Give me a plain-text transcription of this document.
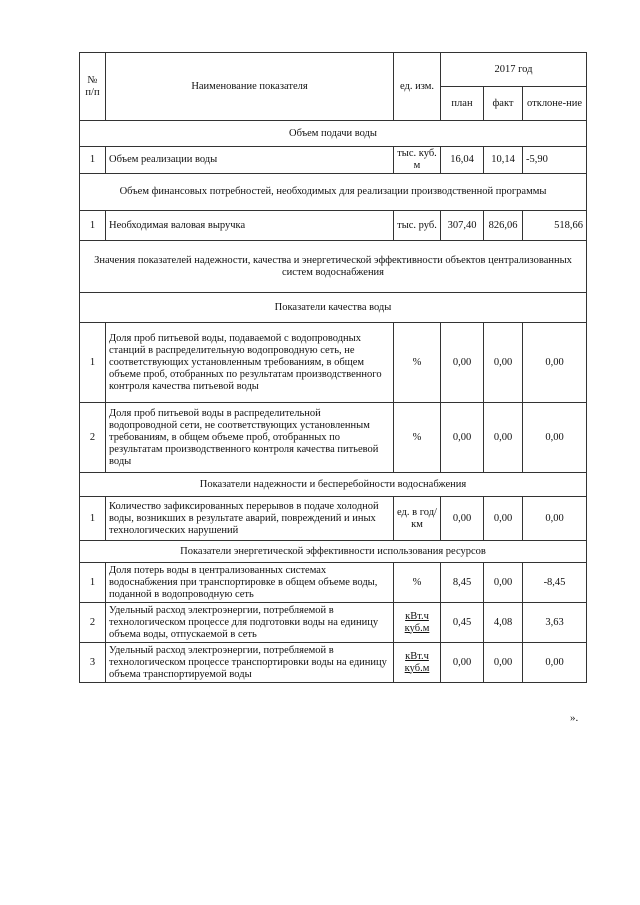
№ п/п	Наименование показателя	ед. изм.	2017 год		
			план	факт	отклоне-ние
Объем подачи воды					
1	Объем реализации воды	тыс. куб. м	16,04	10,14	-5,90
Объем финансовых потребностей, необходимых для реализации производственной программы					
1	Необходимая валовая выручка	тыс. руб.	307,40	826,06	518,66
Значения показателей надежности, качества и энергетической эффективности объектов централизованных систем водоснабжения					
Показатели качества воды					
1	Доля проб питьевой воды, подаваемой с водопроводных станций в распределительную водопроводную сеть, не соответствующих установленным требованиям, в общем объеме проб, отобранных по результатам производственного контроля качества питьевой воды	%	0,00	0,00	0,00
2	Доля проб питьевой воды в распределительной водопроводной сети, не соответствующих установленным требованиям, в общем объеме проб, отобранных по результатам производственного контроля качества питьевой воды	%	0,00	0,00	0,00
Показатели надежности и бесперебойности водоснабжения					
1	Количество зафиксированных перерывов в подаче холодной воды, возникших в результате аварий, повреждений и иных технологических нарушений	ед. в год/ км	0,00	0,00	0,00
Показатели энергетической эффективности использования ресурсов					
1	Доля потерь воды в централизованных системах водоснабжения при транспортировке в общем объеме воды, поданной в водопроводную сеть	%	8,45	0,00	-8,45
2	Удельный расход электроэнергии, потребляемой в технологическом процессе для подготовки воды на единицу объема воды, отпускаемой в сеть	кВт.ч куб.м	0,45	4,08	3,63
3	Удельный расход электроэнергии, потребляемой в технологическом процессе транспортировки воды на единицу объема транспортируемой воды	кВт.ч куб.м	0,00	0,00	0,00
».
